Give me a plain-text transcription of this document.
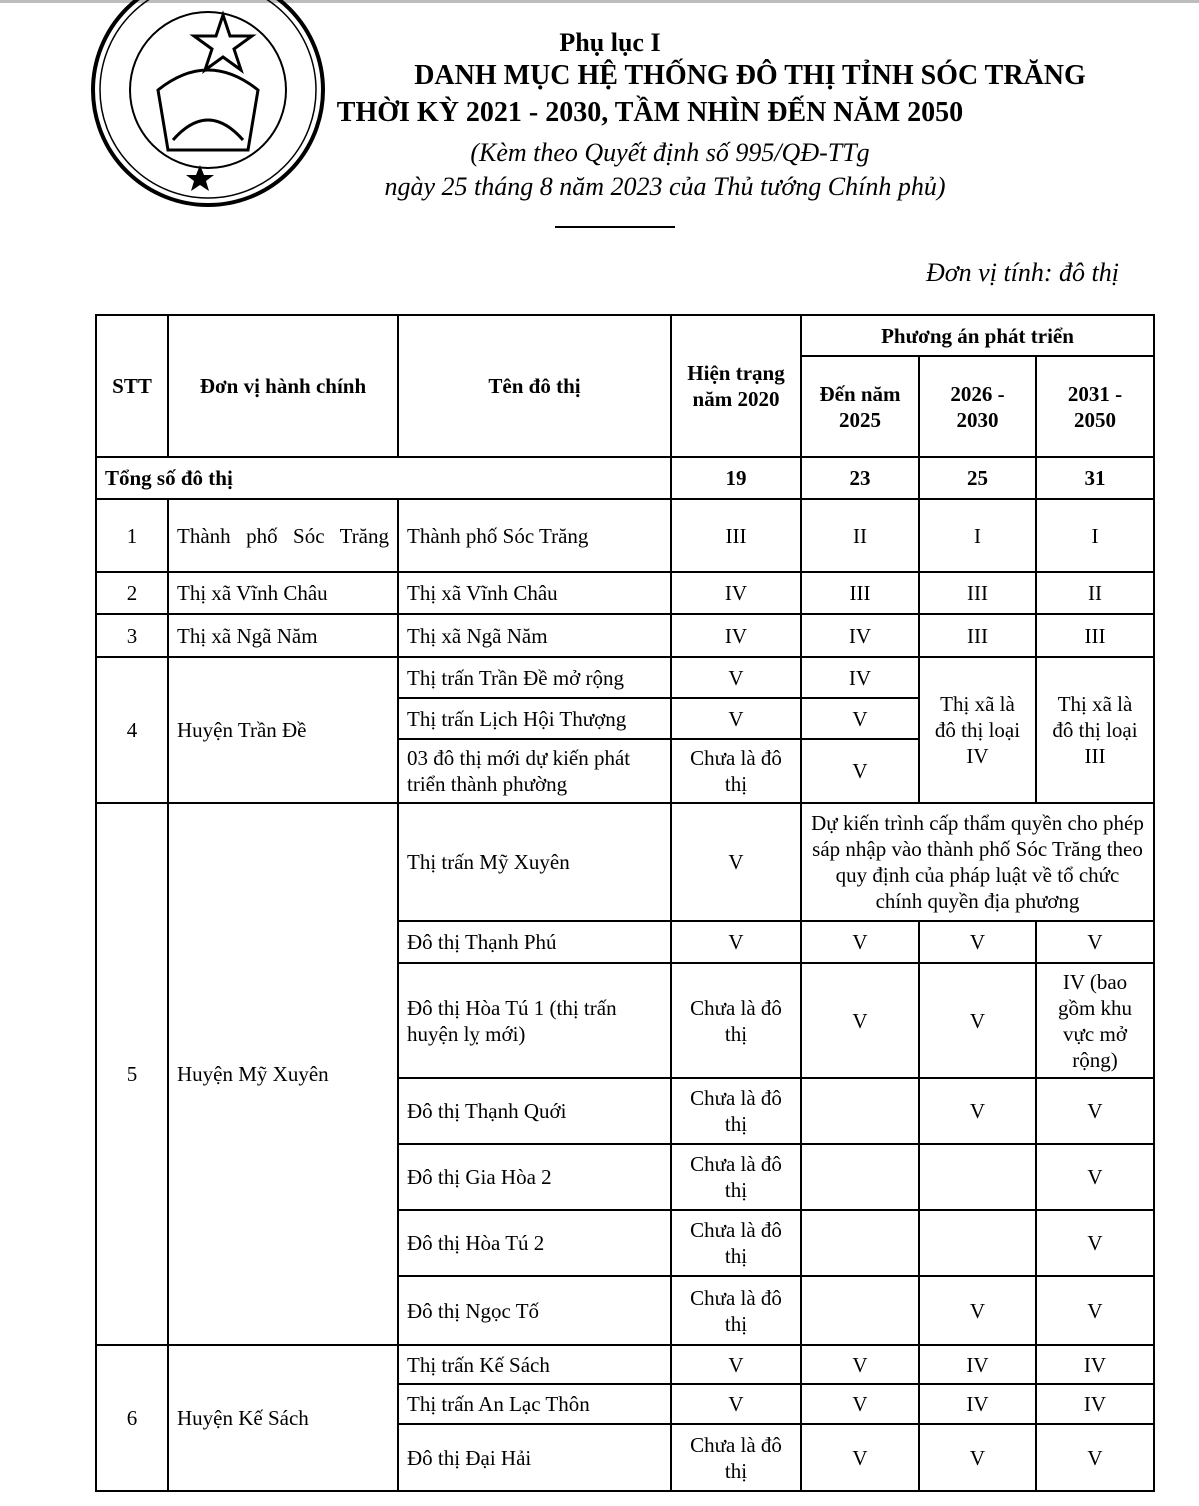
Phụ lục I
DANH MỤC HỆ THỐNG ĐÔ THỊ TỈNH SÓC TRĂNG
THỜI KỲ 2021 - 2030, TẦM NHÌN ĐẾN NĂM 2050
(Kèm theo Quyết định số 995/QĐ-TTg
ngày 25 tháng 8 năm 2023 của Thủ tướng Chính phủ)
Đơn vị tính: đô thị
STT	Đơn vị hành chính	Tên đô thị	Hiện trạng năm 2020	Phương án phát triển		
				Đến năm 2025	2026 - 2030	2031 - 2050
Tổng số đô thị			19	23	25	31
1	Thành phố Sóc Trăng	Thành phố Sóc Trăng	III	II	I	I
2	Thị xã Vĩnh Châu	Thị xã Vĩnh Châu	IV	III	III	II
3	Thị xã Ngã Năm	Thị xã Ngã Năm	IV	IV	III	III
4	Huyện Trần Đề	Thị trấn Trần Đề mở rộng	V	IV	Thị xã là đô thị loại IV	Thị xã là đô thị loại III
		Thị trấn Lịch Hội Thượng	V	V		
		03 đô thị mới dự kiến phát triển thành phường	Chưa là đô thị	V		
5	Huyện Mỹ Xuyên	Thị trấn Mỹ Xuyên	V	Dự kiến trình cấp thẩm quyền cho phép sáp nhập vào thành phố Sóc Trăng theo quy định của pháp luật về tổ chức chính quyền địa phương		
		Đô thị Thạnh Phú	V	V	V	V
		Đô thị Hòa Tú 1 (thị trấn huyện lỵ mới)	Chưa là đô thị	V	V	IV (bao gồm khu vực mở rộng)
		Đô thị Thạnh Quới	Chưa là đô thị		V	V
		Đô thị Gia Hòa 2	Chưa là đô thị			V
		Đô thị Hòa Tú 2	Chưa là đô thị			V
		Đô thị Ngọc Tố	Chưa là đô thị		V	V
6	Huyện Kế Sách	Thị trấn Kế Sách	V	V	IV	IV
		Thị trấn An Lạc Thôn	V	V	IV	IV
		Đô thị Đại Hải	Chưa là đô thị	V	V	V
